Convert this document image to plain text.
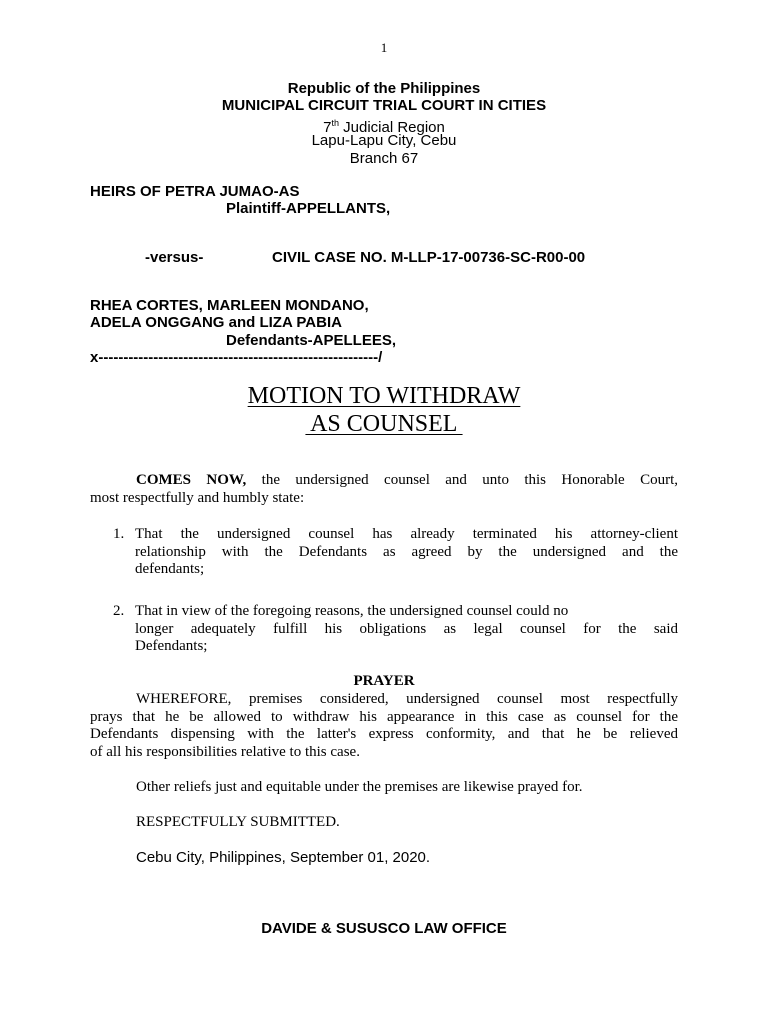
1
Republic of the Philippines
MUNICIPAL CIRCUIT TRIAL COURT IN CITIES
7th Judicial Region
Lapu-Lapu City, Cebu
Branch 67
HEIRS OF PETRA JUMAO-AS
Plaintiff-APPELLANTS,
-versus-	CIVIL CASE NO. M-LLP-17-00736-SC-R00-00
RHEA CORTES, MARLEEN MONDANO,
ADELA ONGGANG and LIZA PABIA
Defendants-APELLEES,
x--------------------------------------------------------/
MOTION TO WITHDRAW
AS COUNSEL
COMES NOW, the undersigned counsel and unto this Honorable Court,
most respectfully and humbly state:
1. That the undersigned counsel has already terminated his attorney-client
relationship with the Defendants as agreed by the undersigned and the
defendants;
2. That in view of the foregoing reasons, the undersigned counsel could no
longer adequately fulfill his obligations as legal counsel for the said
Defendants;
PRAYER
WHEREFORE, premises considered, undersigned counsel most respectfully
prays that he be allowed to withdraw his appearance in this case as counsel for the
Defendants dispensing with the latter's express conformity, and that he be relieved
of all his responsibilities relative to this case.
Other reliefs just and equitable under the premises are likewise prayed for.
RESPECTFULLY SUBMITTED.
Cebu City, Philippines, September 01, 2020.
DAVIDE & SUSUSCO LAW OFFICE
